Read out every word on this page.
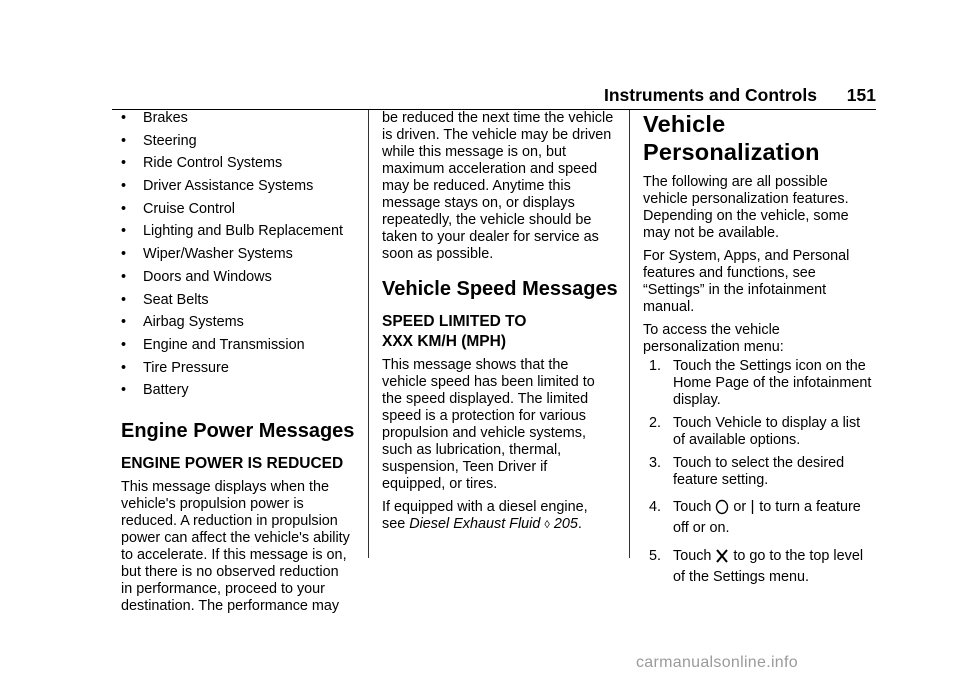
Instruments and Controls 151
• Brakes
• Steering
• Ride Control Systems
• Driver Assistance Systems
• Cruise Control
• Lighting and Bulb Replacement
• Wiper/Washer Systems
• Doors and Windows
• Seat Belts
• Airbag Systems
• Engine and Transmission
• Tire Pressure
• Battery
Engine Power Messages
ENGINE POWER IS REDUCED
This message displays when the
vehicle's propulsion power is
reduced. A reduction in propulsion
power can affect the vehicle's ability
to accelerate. If this message is on,
but there is no observed reduction
in performance, proceed to your
destination. The performance may
be reduced the next time the vehicle
is driven. The vehicle may be driven
while this message is on, but
maximum acceleration and speed
may be reduced. Anytime this
message stays on, or displays
repeatedly, the vehicle should be
taken to your dealer for service as
soon as possible.
Vehicle Speed Messages
SPEED LIMITED TO
XXX KM/H (MPH)
This message shows that the
vehicle speed has been limited to
the speed displayed. The limited
speed is a protection for various
propulsion and vehicle systems,
such as lubrication, thermal,
suspension, Teen Driver if
equipped, or tires.
If equipped with a diesel engine,
see Diesel Exhaust Fluid ◊ 205.
Vehicle
Personalization
The following are all possible
vehicle personalization features.
Depending on the vehicle, some
may not be available.
For System, Apps, and Personal
features and functions, see
“Settings” in the infotainment
manual.
To access the vehicle
personalization menu:
1. Touch the Settings icon on the
Home Page of the infotainment
display.
2. Touch Vehicle to display a list
of available options.
3. Touch to select the desired
feature setting.
4. Touch or to turn a feature
off or on.
5. Touch to go to the top level
of the Settings menu.
carmanualsonline.info
